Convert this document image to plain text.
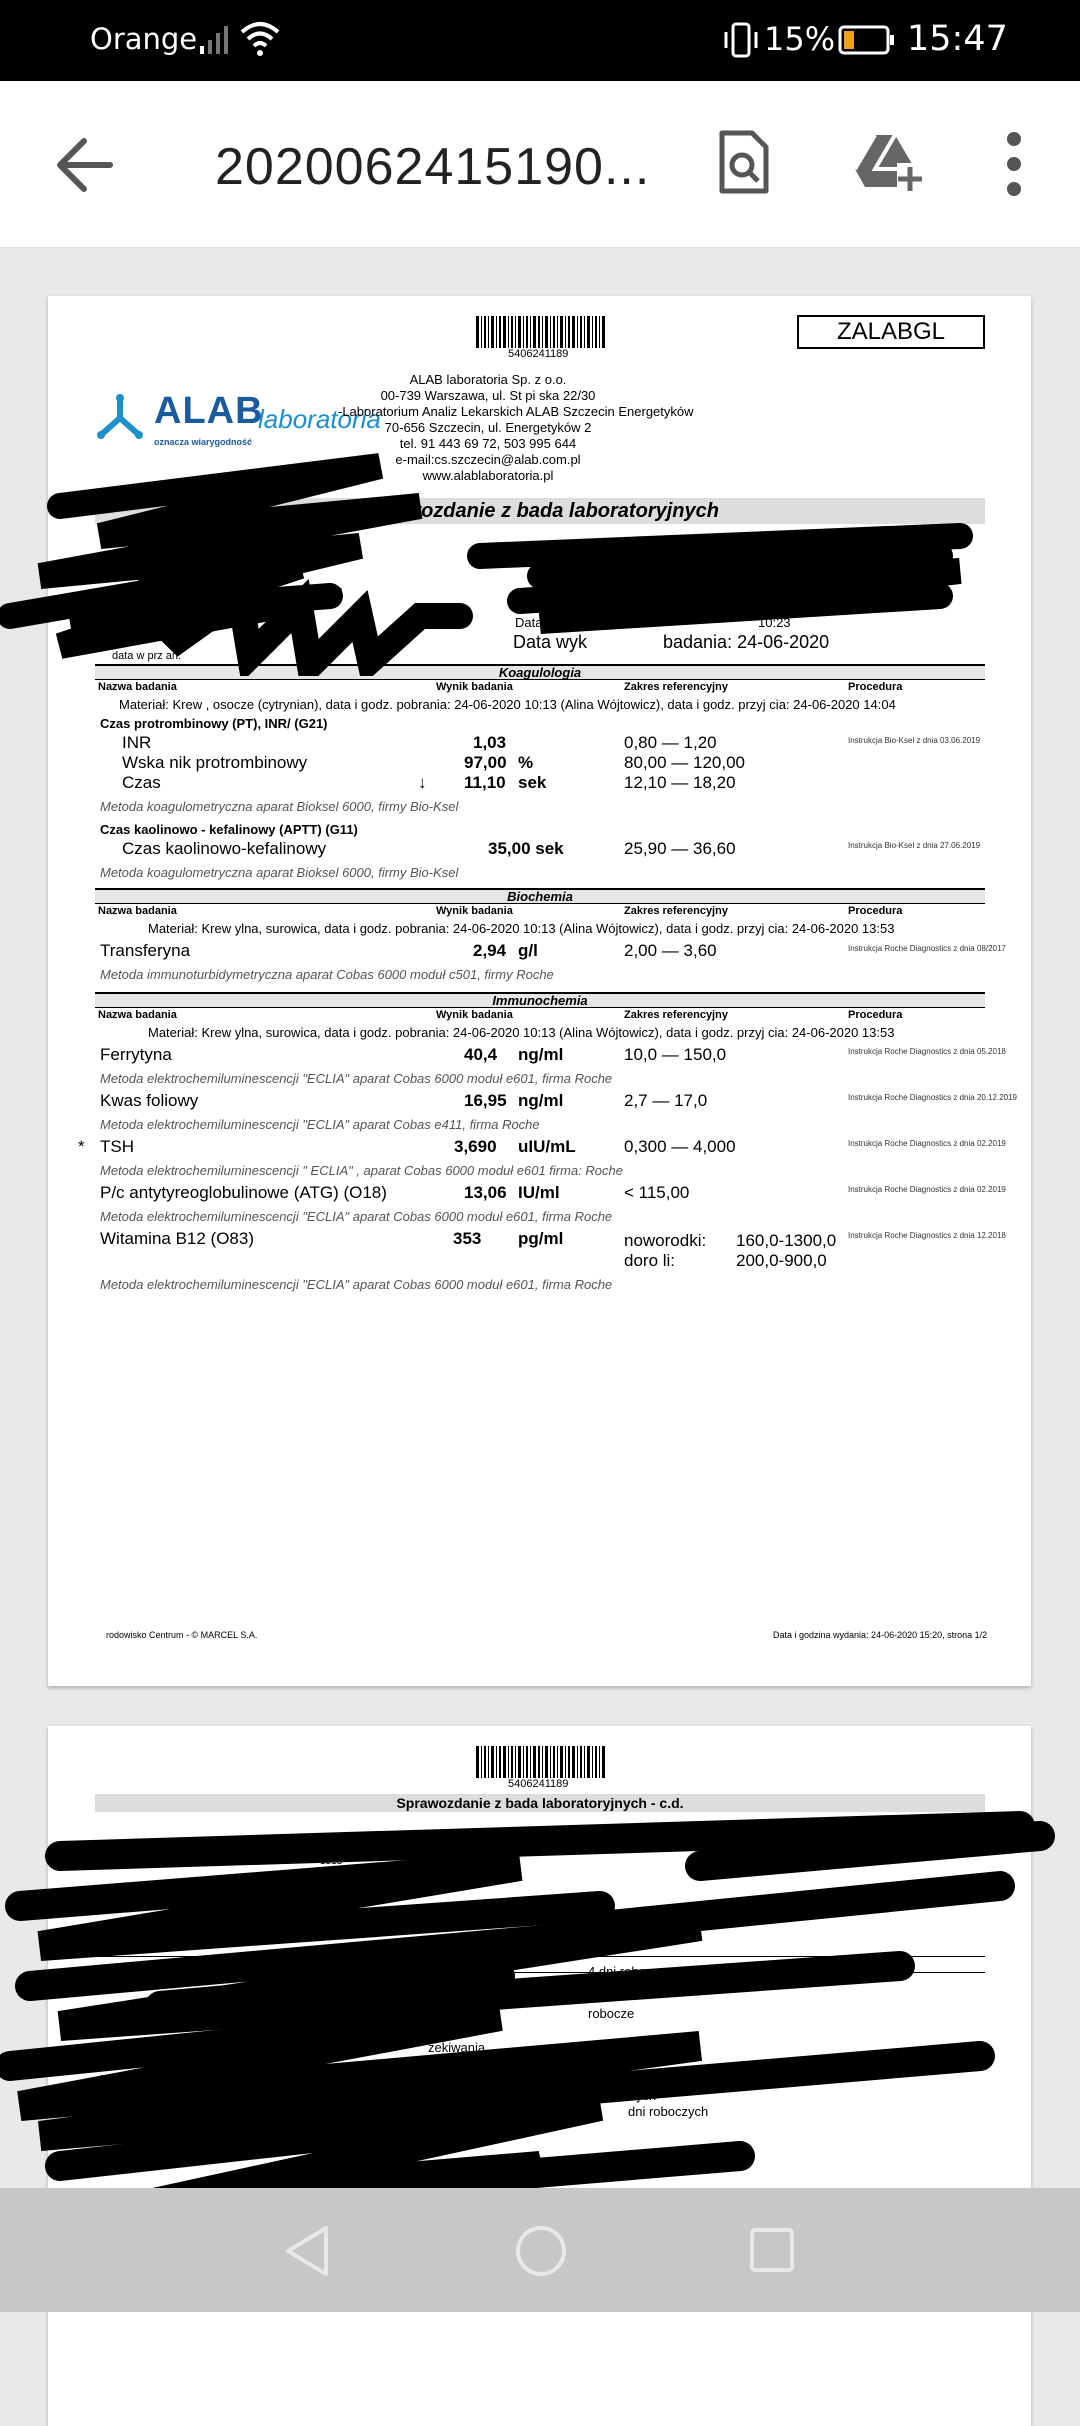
Orange	15% 15:47
2020062415190...
5406241189
ZALABGL
ALAB
laboratoria
oznacza wiarygodność
ALAB laboratoria Sp. z o.o.
00-739 Warszawa, ul. St pi ska 22/30
-Laboratorium Analiz Lekarskich ALAB Szczecin Energetyków
70-656 Szczecin, ul. Energetyków 2
tel. 91 443 69 72, 503 995 644
e-mail:cs.szczecin@alab.com.pl
www.alablaboratoria.pl
Sprawozdanie z bada laboratoryjnych
Zleceniodawca: Punkt P
Miejsce odesłania
Data i g	10:23
Data wyk	badania: 24-06-2020
988
to ki mo
data w prz an:
Koagulologia
Nazwa badania	Wynik badania	Zakres referencyjny	Procedura
Materiał: Krew , osocze (cytrynian), data i godz. pobrania: 24-06-2020 10:13 (Alina Wójtowicz), data i godz. przyj cia: 24-06-2020 14:04
Czas protrombinowy (PT), INR/ (G21)
INR	1,03	0,80 — 1,20	Instrukcja Bio-Ksel z dnia 03.06.2019
Wska nik protrombinowy	97,00 %	80,00 — 120,00
Czas	↓ 11,10 sek	12,10 — 18,20
Metoda koagulometryczna aparat Bioksel 6000, firmy Bio-Ksel
Czas kaolinowo - kefalinowy (APTT) (G11)
Czas kaolinowo-kefalinowy	35,00 sek	25,90 — 36,60	Instrukcja Bio-Ksel z dnia 27.06.2019
Metoda koagulometryczna aparat Bioksel 6000, firmy Bio-Ksel
Biochemia
Nazwa badania	Wynik badania	Zakres referencyjny	Procedura
Materiał: Krew ylna, surowica, data i godz. pobrania: 24-06-2020 10:13 (Alina Wójtowicz), data i godz. przyj cia: 24-06-2020 13:53
Transferyna	2,94 g/l	2,00 — 3,60	Instrukcja Roche Diagnostics z dnia 08/2017
Metoda immunoturbidymetryczna aparat Cobas 6000 moduł c501, firmy Roche
Immunochemia
Nazwa badania	Wynik badania	Zakres referencyjny	Procedura
Materiał: Krew ylna, surowica, data i godz. pobrania: 24-06-2020 10:13 (Alina Wójtowicz), data i godz. przyj cia: 24-06-2020 13:53
Ferrytyna	40,4 ng/ml	10,0 — 150,0	Instrukcja Roche Diagnostics z dnia 05.2018
Metoda elektrochemiluminescencji "ECLIA" aparat Cobas 6000 moduł e601, firma Roche
Kwas foliowy	16,95 ng/ml	2,7 — 17,0	Instrukcja Roche Diagnostics z dnia 20.12.2019
Metoda elektrochemiluminescencji "ECLIA" aparat Cobas e411, firma Roche
* TSH	3,690 uIU/mL	0,300 — 4,000	Instrukcja Roche Diagnostics z dnia 02.2019
Metoda elektrochemiluminescencji " ECLIA" , aparat Cobas 6000 moduł e601 firma: Roche
P/c antytyreoglobulinowe (ATG) (O18)	13,06 IU/ml	< 115,00	Instrukcja Roche Diagnostics z dnia 02.2019
Metoda elektrochemiluminescencji "ECLIA" aparat Cobas 6000 moduł e601, firma Roche
Witamina B12 (O83)	353 pg/ml	noworodki: 160,0-1300,0
doro li:	200,0-900,0
Instrukcja Roche Diagnostics z dnia 12.2018
Metoda elektrochemiluminescencji "ECLIA" aparat Cobas 6000 moduł e601, firma Roche
rodowisko Centrum - © MARCEL S.A.	Data i godzina wydania: 24-06-2020 15:20, strona 1/2
5406241189
Sprawozdanie z bada laboratoryjnych - c.d.
Białko C (
Białko
Ho steina (C02)
Trzcin
W
4 dni robocze
ykonan
rejestracji zlec
robocze
zekiwania
nik 2 dni robocze
20 dni roboczych
Cz	dni roboczych
1313
